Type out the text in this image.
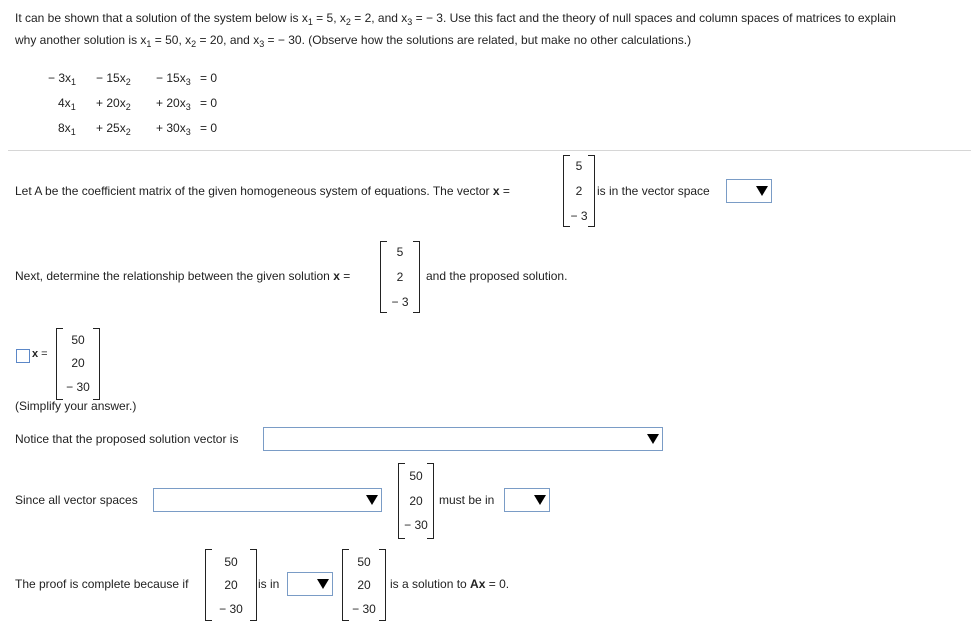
It can be shown that a solution of the system below is $x_1 = 5$, $x_2 = 2$, and $x_3$ = − 3. Use this fact and the theory of null spaces and column spaces of matrices to explain
why another solution is $x_1 = 50$, $x_2 = 20$, and $x_3$ = − 30. (Observe how the solutions are related, but make no other calculations.)
− $3x_1$	− $15x_2$	− $15x_3$	= 0
$4x_1$	+ $20x_2$	+ $20x_3$	= 0
$8x_1$	+ $25x_2$	+ $30x_3$	= 0
Let A be the coefficient matrix of the given homogeneous system of equations. The vector x =
5
2
− 3
is in the vector space
Next, determine the relationship between the given solution x =
5
2
− 3
and the proposed solution.
x =
50
20
− 30
(Simplify your answer.)
Notice that the proposed solution vector is
Since all vector spaces
50
20
− 30
must be in
The proof is complete because if
50
20
− 30
is in
50
20
− 30
is a solution to Ax = 0.
